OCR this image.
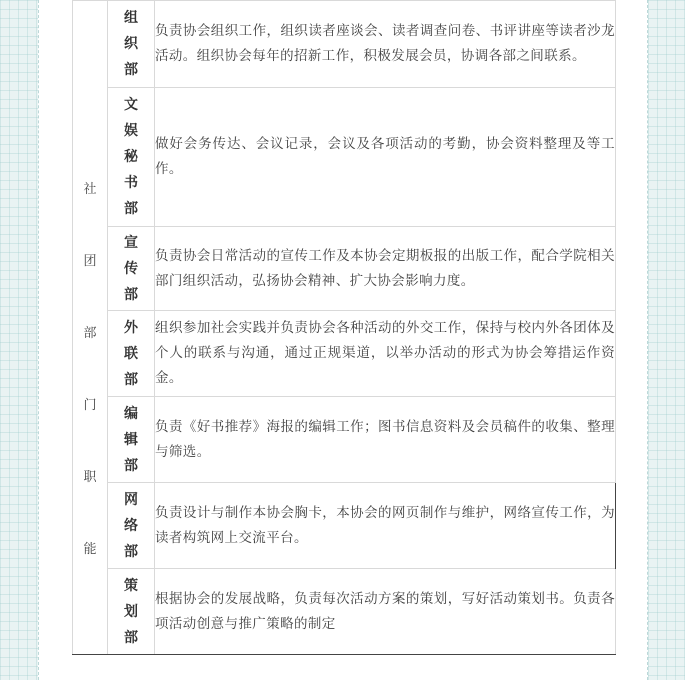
社团部门职能	组织部	负责协会组织工作，组织读者座谈会、读者调查问卷、书评讲座等读者沙龙活动。组织协会每年的招新工作，积极发展会员，协调各部之间联系。
	文娱秘书部	做好会务传达、会议记录，会议及各项活动的考勤，协会资料整理及等工作。
	宣传部	负责协会日常活动的宣传工作及本协会定期板报的出版工作，配合学院相关部门组织活动，弘扬协会精神、扩大协会影响力度。
	外联部	组织参加社会实践并负责协会各种活动的外交工作，保持与校内外各团体及个人的联系与沟通，通过正规渠道，以举办活动的形式为协会筹措运作资金。
	编辑部	负责《好书推荐》海报的编辑工作；图书信息资料及会员稿件的收集、整理与筛选。
	网络部	负责设计与制作本协会胸卡，本协会的网页制作与维护，网络宣传工作，为读者构筑网上交流平台。
	策划部	根据协会的发展战略，负责每次活动方案的策划，写好活动策划书。负责各项活动创意与推广策略的制定
